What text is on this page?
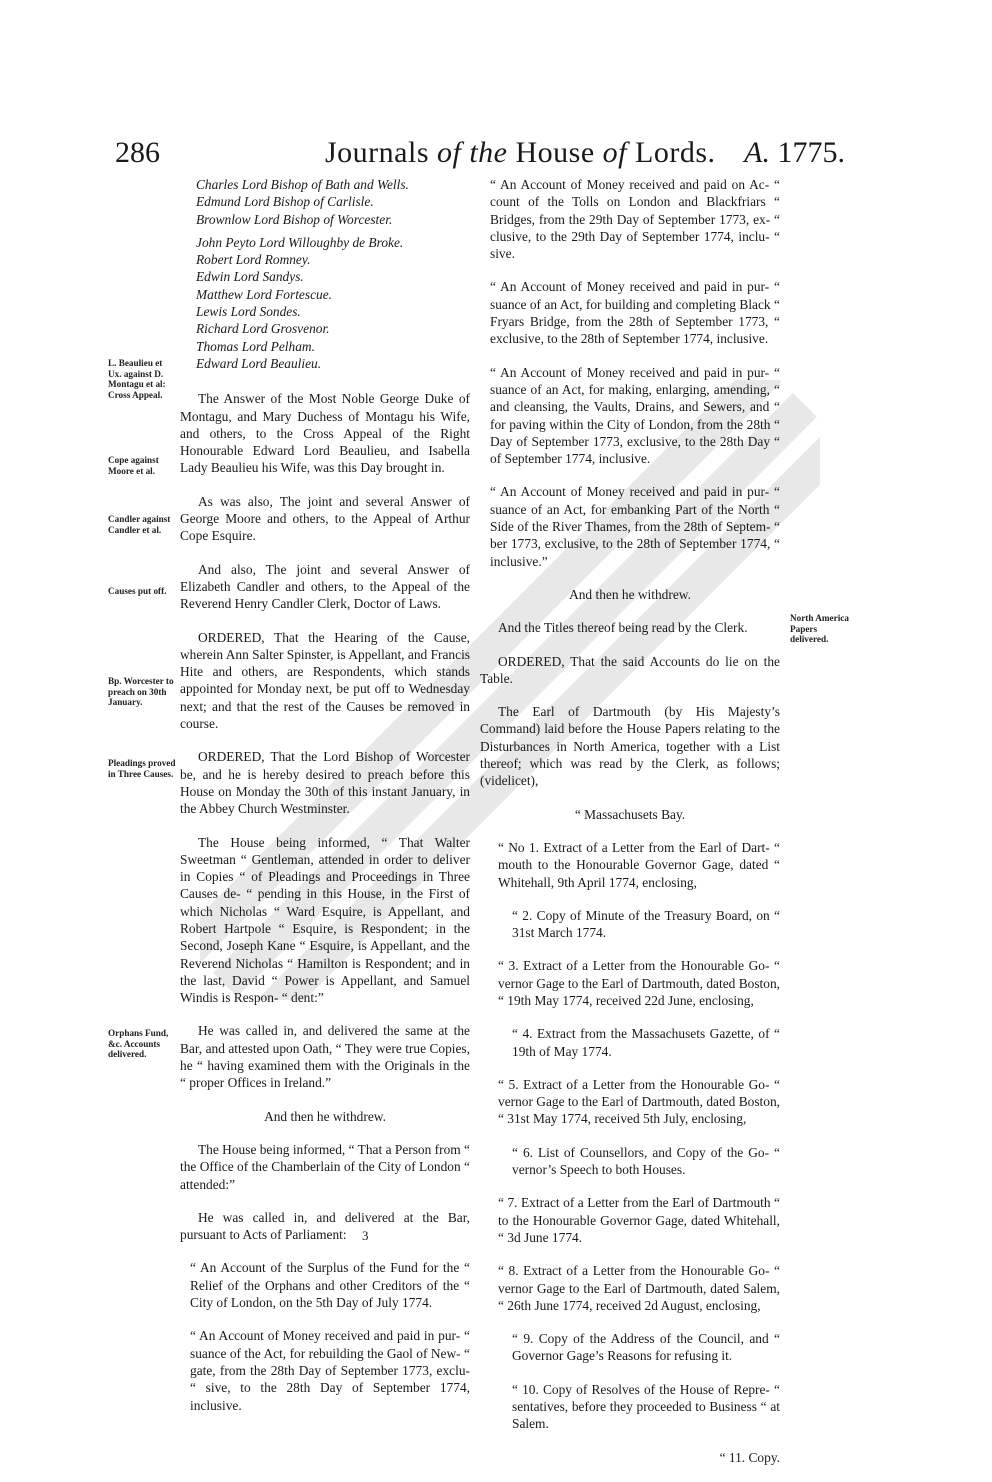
286	Journals of the House of Lords. A. 1775.
L. Beaulieu et Ux. against D. Montagu et al: Cross Appeal.
Cope against Moore et al.
Candler against Candler et al.
Causes put off.
Bp. Worcester to preach on 30th January.
Pleadings proved in Three Causes.
Orphans Fund, &c. Accounts delivered.
North America Papers delivered.
Charles Lord Bishop of Bath and Wells.
Edmund Lord Bishop of Carlisle.
Brownlow Lord Bishop of Worcester.
John Peyto Lord Willoughby de Broke.
Robert Lord Romney.
Edwin Lord Sandys.
Matthew Lord Fortescue.
Lewis Lord Sondes.
Richard Lord Grosvenor.
Thomas Lord Pelham.
Edward Lord Beaulieu.

The Answer of the Most Noble George Duke of Montagu, and Mary Duchess of Montagu his Wife, and others, to the Cross Appeal of the Right Honourable Edward Lord Beaulieu, and Isabella Lady Beaulieu his Wife, was this Day brought in.

As was also, The joint and several Answer of George Moore and others, to the Appeal of Arthur Cope Esquire.

And also, The joint and several Answer of Elizabeth Candler and others, to the Appeal of the Reverend Henry Candler Clerk, Doctor of Laws.

ORDERED, That the Hearing of the Cause, wherein Ann Salter Spinster, is Appellant, and Francis Hite and others, are Respondents, which stands appointed for Monday next, be put off to Wednesday next; and that the rest of the Causes be removed in course.

ORDERED, That the Lord Bishop of Worcester be, and he is hereby desired to preach before this House on Monday the 30th of this instant January, in the Abbey Church Westminster.

The House being informed, “ That Walter Sweetman “ Gentleman, attended in order to deliver in Copies “ of Pleadings and Proceedings in Three Causes de- “ pending in this House, in the First of which Nicholas “ Ward Esquire, is Appellant, and Robert Hartpole “ Esquire, is Respondent; in the Second, Joseph Kane “ Esquire, is Appellant, and the Reverend Nicholas “ Hamilton is Respondent; and in the last, David “ Power is Appellant, and Samuel Windis is Respon- “ dent:”

He was called in, and delivered the same at the Bar, and attested upon Oath, “ They were true Copies, he “ having examined them with the Originals in the “ proper Offices in Ireland.”

And then he withdrew.

The House being informed, “ That a Person from “ the Office of the Chamberlain of the City of London “ attended:”

He was called in, and delivered at the Bar, pursuant to Acts of Parliament:

“ An Account of the Surplus of the Fund for the “ Relief of the Orphans and other Creditors of the “ City of London, on the 5th Day of July 1774.

“ An Account of Money received and paid in pur- “ suance of the Act, for rebuilding the Gaol of New- “ gate, from the 28th Day of September 1773, exclu- “ sive, to the 28th Day of September 1774, inclusive.

3

“ An Account of Money received and paid on Ac- “ count of the Tolls on London and Blackfriars “ Bridges, from the 29th Day of September 1773, ex- “ clusive, to the 29th Day of September 1774, inclu- “ sive.

“ An Account of Money received and paid in pur- “ suance of an Act, for building and completing Black “ Fryars Bridge, from the 28th of September 1773, “ exclusive, to the 28th of September 1774, inclusive.

“ An Account of Money received and paid in pur- “ suance of an Act, for making, enlarging, amending, “ and cleansing, the Vaults, Drains, and Sewers, and “ for paving within the City of London, from the 28th “ Day of September 1773, exclusive, to the 28th Day “ of September 1774, inclusive.

“ An Account of Money received and paid in pur- “ suance of an Act, for embanking Part of the North “ Side of the River Thames, from the 28th of Septem- “ ber 1773, exclusive, to the 28th of September 1774, “ inclusive.”

And then he withdrew.

And the Titles thereof being read by the Clerk.

ORDERED, That the said Accounts do lie on the Table.

The Earl of Dartmouth (by His Majesty’s Command) laid before the House Papers relating to the Disturbances in North America, together with a List thereof; which was read by the Clerk, as follows; (videlicet),

“ Massachusets Bay.

“ No 1. Extract of a Letter from the Earl of Dart- “ mouth to the Honourable Governor Gage, dated “ Whitehall, 9th April 1774, enclosing,

“ 2. Copy of Minute of the Treasury Board, on “ 31st March 1774.

“ 3. Extract of a Letter from the Honourable Go- “ vernor Gage to the Earl of Dartmouth, dated Boston, “ 19th May 1774, received 22d June, enclosing,

“ 4. Extract from the Massachusets Gazette, of “ 19th of May 1774.

“ 5. Extract of a Letter from the Honourable Go- “ vernor Gage to the Earl of Dartmouth, dated Boston, “ 31st May 1774, received 5th July, enclosing,

“ 6. List of Counsellors, and Copy of the Go- “ vernor’s Speech to both Houses.

“ 7. Extract of a Letter from the Earl of Dartmouth “ to the Honourable Governor Gage, dated Whitehall, “ 3d June 1774.

“ 8. Extract of a Letter from the Honourable Go- “ vernor Gage to the Earl of Dartmouth, dated Salem, “ 26th June 1774, received 2d August, enclosing,

“ 9. Copy of the Address of the Council, and “ Governor Gage’s Reasons for refusing it.

“ 10. Copy of Resolves of the House of Repre- “ sentatives, before they proceeded to Business “ at Salem.

“ 11. Copy.
